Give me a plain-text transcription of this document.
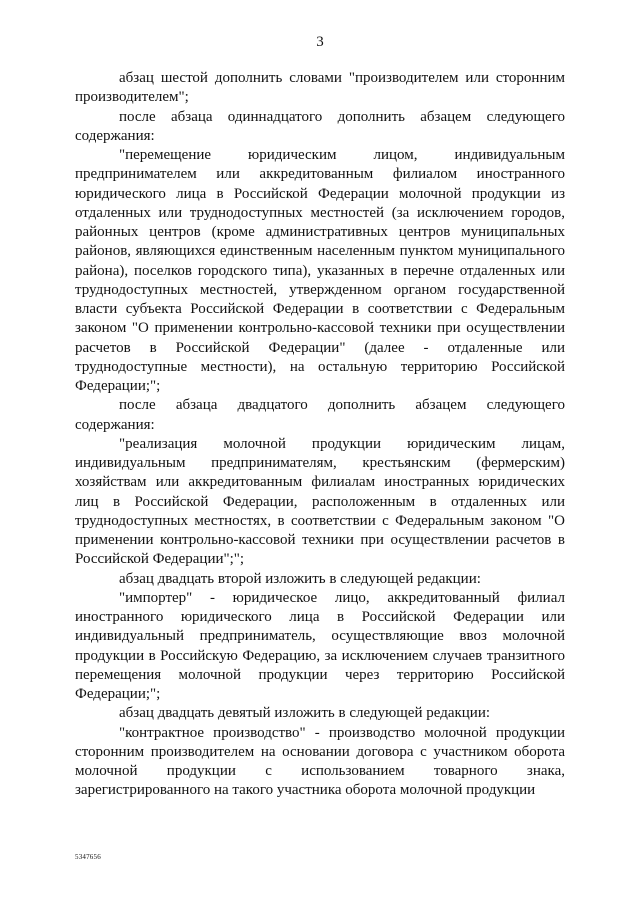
3

абзац шестой дополнить словами "производителем или сторонним производителем";

после абзаца одиннадцатого дополнить абзацем следующего содержания:

"перемещение юридическим лицом, индивидуальным предпринимателем или аккредитованным филиалом иностранного юридического лица в Российской Федерации молочной продукции из отдаленных или труднодоступных местностей (за исключением городов, районных центров (кроме административных центров муниципальных районов, являющихся единственным населенным пунктом муниципального района), поселков городского типа), указанных в перечне отдаленных или труднодоступных местностей, утвержденном органом государственной власти субъекта Российской Федерации в соответствии с Федеральным законом "О применении контрольно-кассовой техники при осуществлении расчетов в Российской Федерации" (далее - отдаленные или труднодоступные местности), на остальную территорию Российской Федерации;";

после абзаца двадцатого дополнить абзацем следующего содержания:

"реализация молочной продукции юридическим лицам, индивидуальным предпринимателям, крестьянским (фермерским) хозяйствам или аккредитованным филиалам иностранных юридических лиц в Российской Федерации, расположенным в отдаленных или труднодоступных местностях, в соответствии с Федеральным законом "О применении контрольно-кассовой техники при осуществлении расчетов в Российской Федерации";";

абзац двадцать второй изложить в следующей редакции:

"импортер" - юридическое лицо, аккредитованный филиал иностранного юридического лица в Российской Федерации или индивидуальный предприниматель, осуществляющие ввоз молочной продукции в Российскую Федерацию, за исключением случаев транзитного перемещения молочной продукции через территорию Российской Федерации;";

абзац двадцать девятый изложить в следующей редакции:

"контрактное производство" - производство молочной продукции сторонним производителем на основании договора с участником оборота молочной продукции с использованием товарного знака, зарегистрированного на такого участника оборота молочной продукции

5347656
